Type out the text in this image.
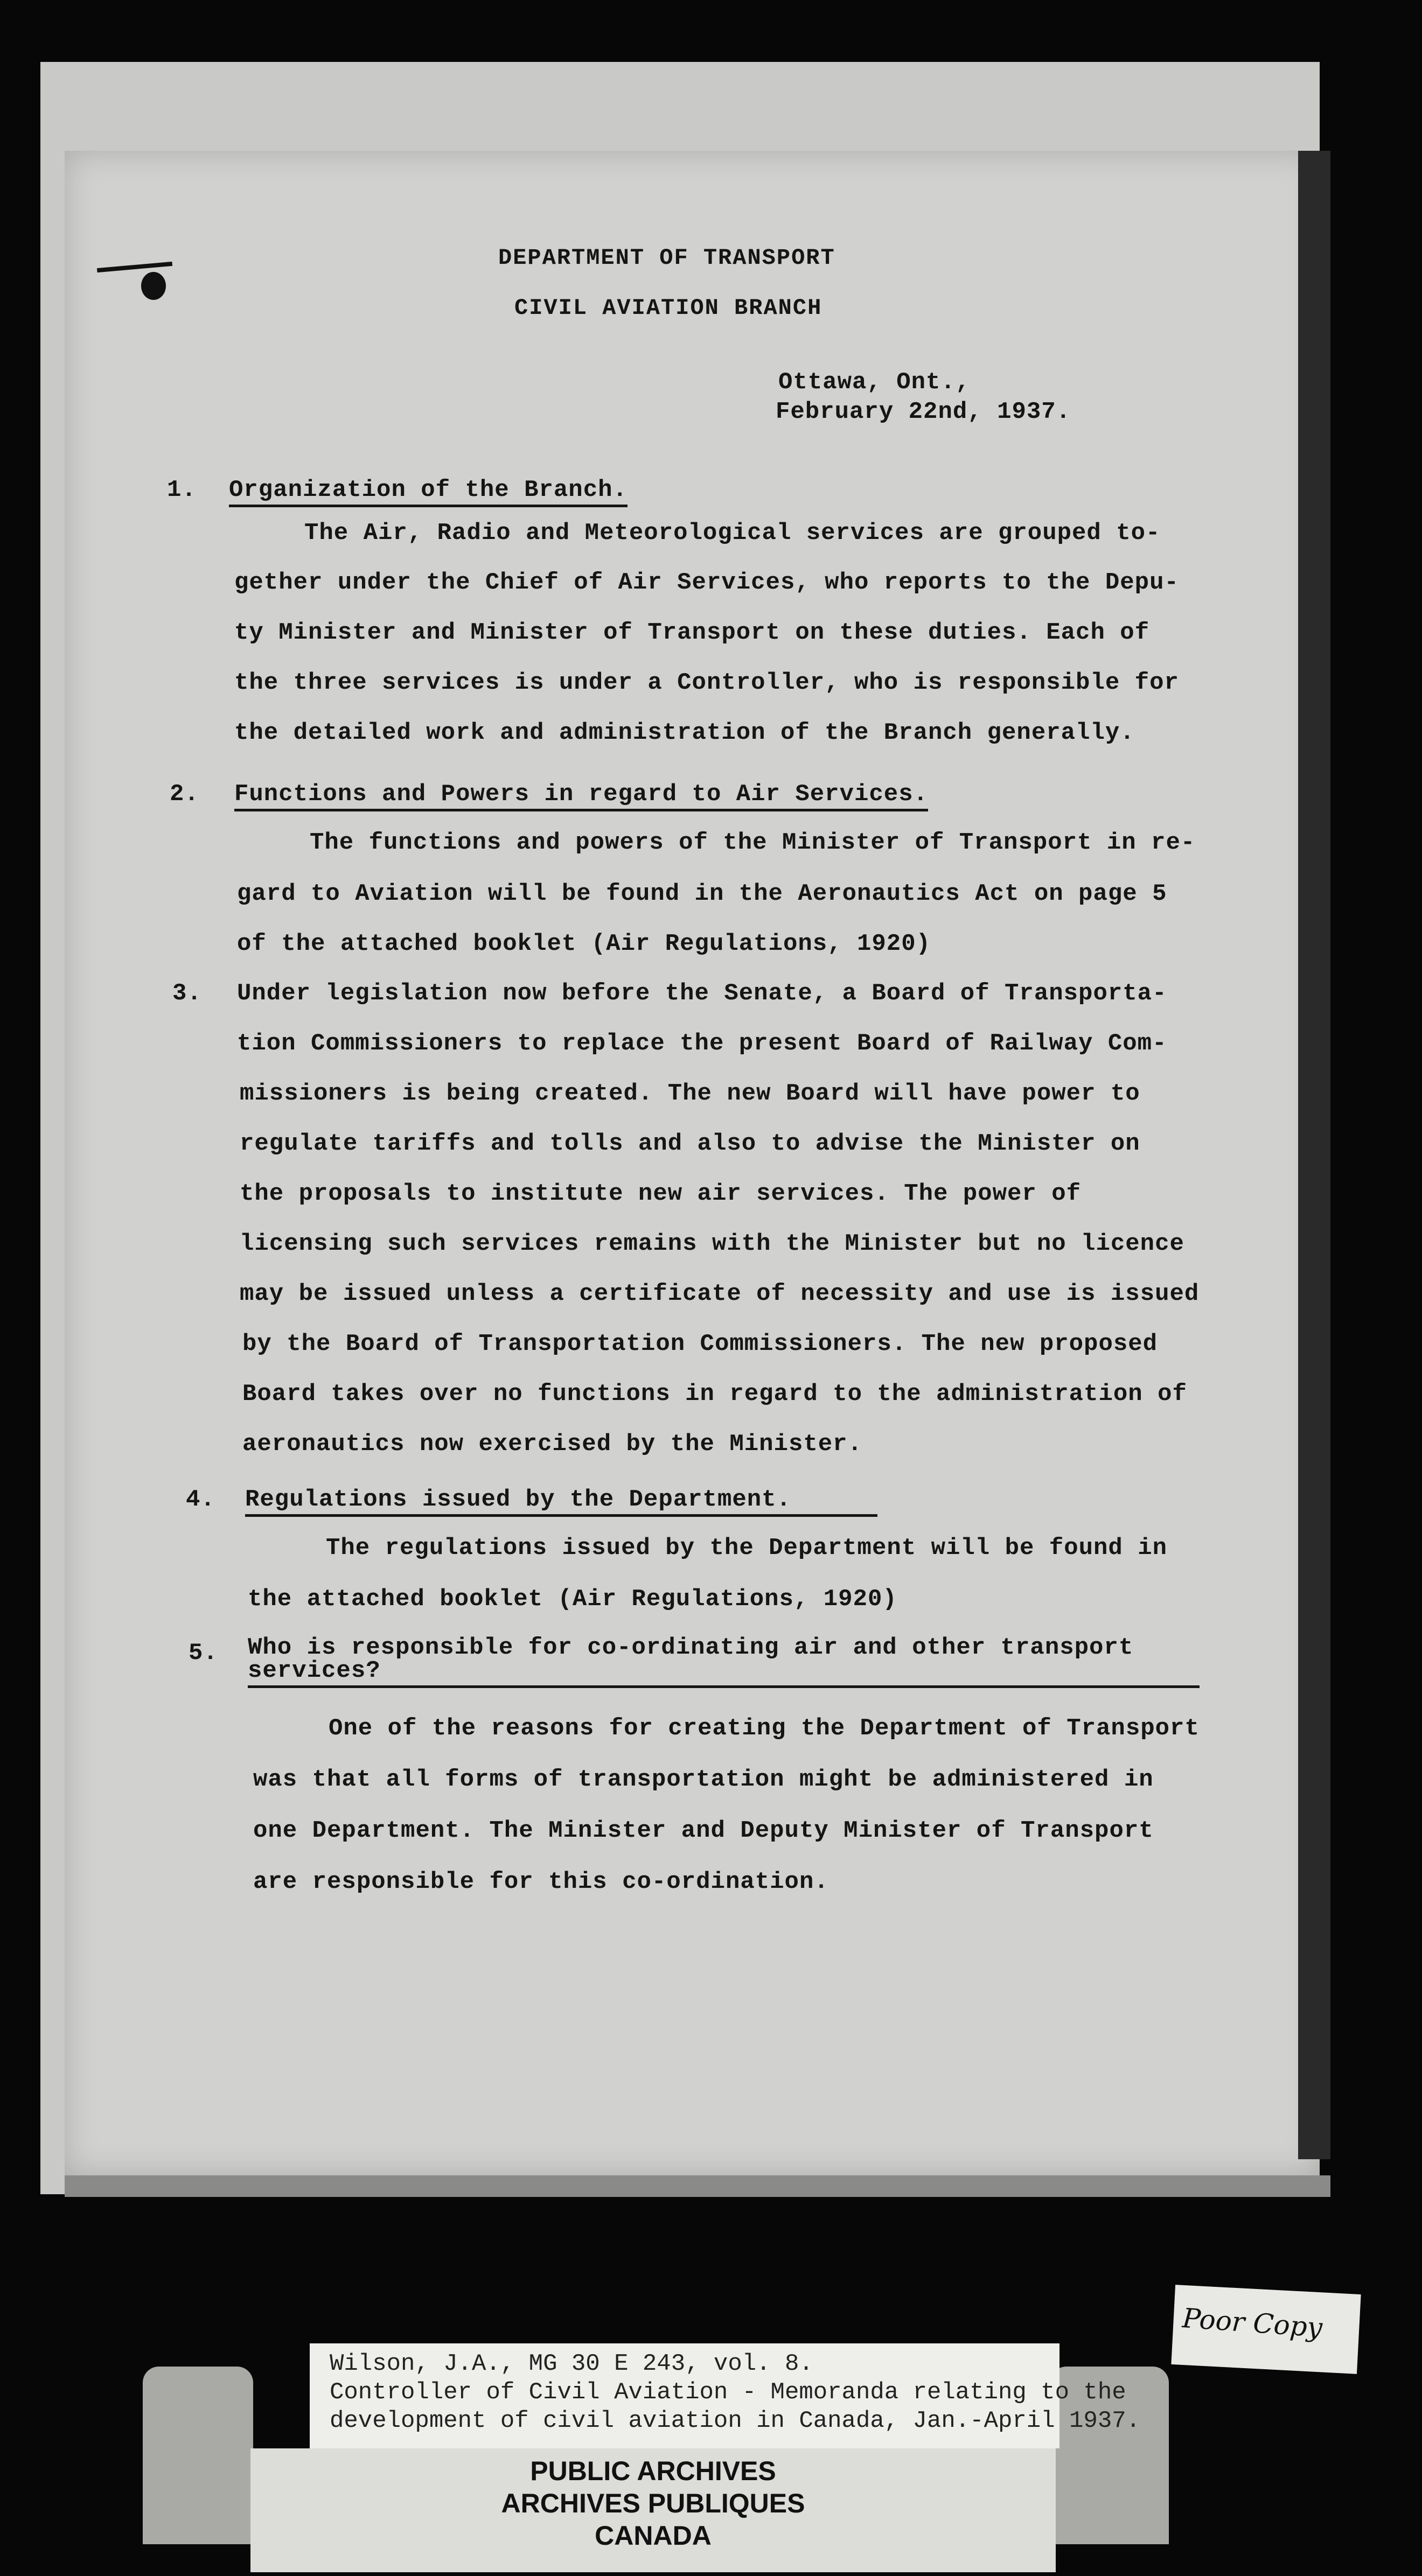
DEPARTMENT OF TRANSPORT
CIVIL AVIATION BRANCH
Ottawa, Ont.,
February 22nd, 1937.
1. Organization of the Branch.
The Air, Radio and Meteorological services are grouped to-
gether under the Chief of Air Services, who reports to the Depu-
ty Minister and Minister of Transport on these duties. Each of
the three services is under a Controller, who is responsible for
the detailed work and administration of the Branch generally.
2. Functions and Powers in regard to Air Services.
The functions and powers of the Minister of Transport in re-
gard to Aviation will be found in the Aeronautics Act on page 5
of the attached booklet (Air Regulations, 1920)
3. Under legislation now before the Senate, a Board of Transporta-
tion Commissioners to replace the present Board of Railway Com-
missioners is being created. The new Board will have power to
regulate tariffs and tolls and also to advise the Minister on
the proposals to institute new air services. The power of
licensing such services remains with the Minister but no licence
may be issued unless a certificate of necessity and use is issued
by the Board of Transportation Commissioners. The new proposed
Board takes over no functions in regard to the administration of
aeronautics now exercised by the Minister.
4. Regulations issued by the Department.
The regulations issued by the Department will be found in
the attached booklet (Air Regulations, 1920)
5. Who is responsible for co-ordinating air and other transport
services?
One of the reasons for creating the Department of Transport
was that all forms of transportation might be administered in
one Department. The Minister and Deputy Minister of Transport
are responsible for this co-ordination.
Wilson, J.A., MG 30 E 243, vol. 8.
Controller of Civil Aviation - Memoranda relating to the
development of civil aviation in Canada, Jan.-April 1937.
PUBLIC ARCHIVES
ARCHIVES PUBLIQUES
CANADA
Poor Copy
